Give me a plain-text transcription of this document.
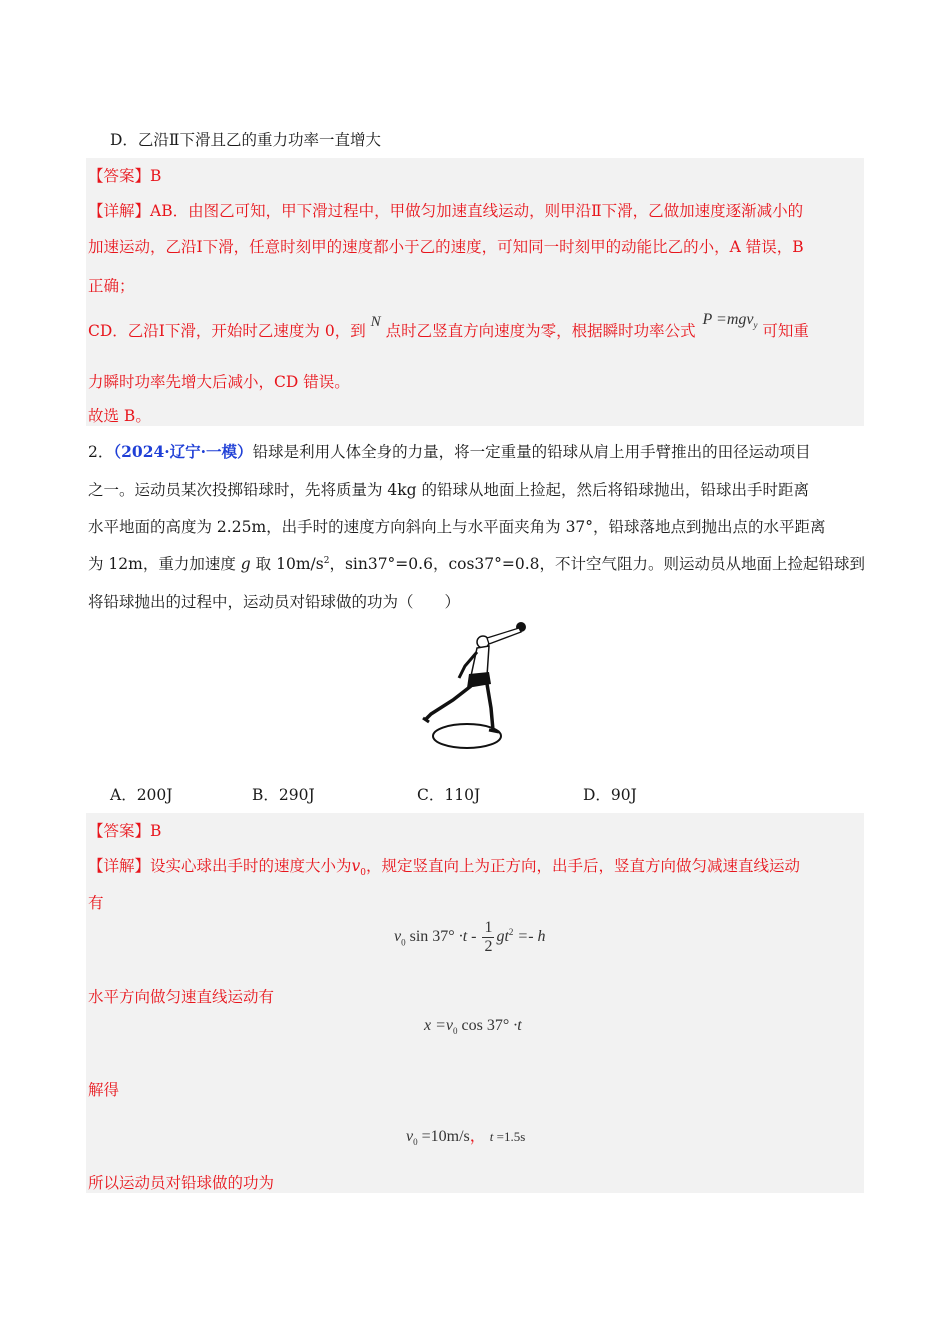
D．乙沿Ⅱ下滑且乙的重力功率一直增大
【答案】B
【详解】AB．由图乙可知，甲下滑过程中，甲做匀加速直线运动，则甲沿Ⅱ下滑，乙做加速度逐渐减小的
加速运动，乙沿Ⅰ下滑，任意时刻甲的速度都小于乙的速度，可知同一时刻甲的动能比乙的小，A 错误，B
正确；
CD．乙沿Ⅰ下滑，开始时乙速度为 0，到 N 点时乙竖直方向速度为零，根据瞬时功率公式 P =mgv$_y$ 可知重
力瞬时功率先增大后减小，CD 错误。
故选 B。
2．（2024·辽宁·一模）铅球是利用人体全身的力量，将一定重量的铅球从肩上用手臂推出的田径运动项目
之一。运动员某次投掷铅球时，先将质量为 4kg 的铅球从地面上捡起，然后将铅球抛出，铅球出手时距离
水平地面的高度为 2.25m，出手时的速度方向斜向上与水平面夹角为 37°，铅球落地点到抛出点的水平距离
为 12m，重力加速度 g 取 $10m/s^2$，sin37°=0.6，cos37°=0.8，不计空气阻力。则运动员从地面上捡起铅球到
将铅球抛出的过程中，运动员对铅球做的功为（　　）
A．200J	B．290J	C．110J	D．90J
【答案】B
【详解】设实心球出手时的速度大小为$v_0$，规定竖直向上为正方向，出手后，竖直方向做匀减速直线运动
有
$v_0$ $\sin 37^\circ \cdot t - \frac{1}{2} gt^2 =- h$
水平方向做匀速直线运动有
$x =v_0$ cos 37° ·t
解得
$v_0 =10m/s$， t =1.5s
所以运动员对铅球做的功为
